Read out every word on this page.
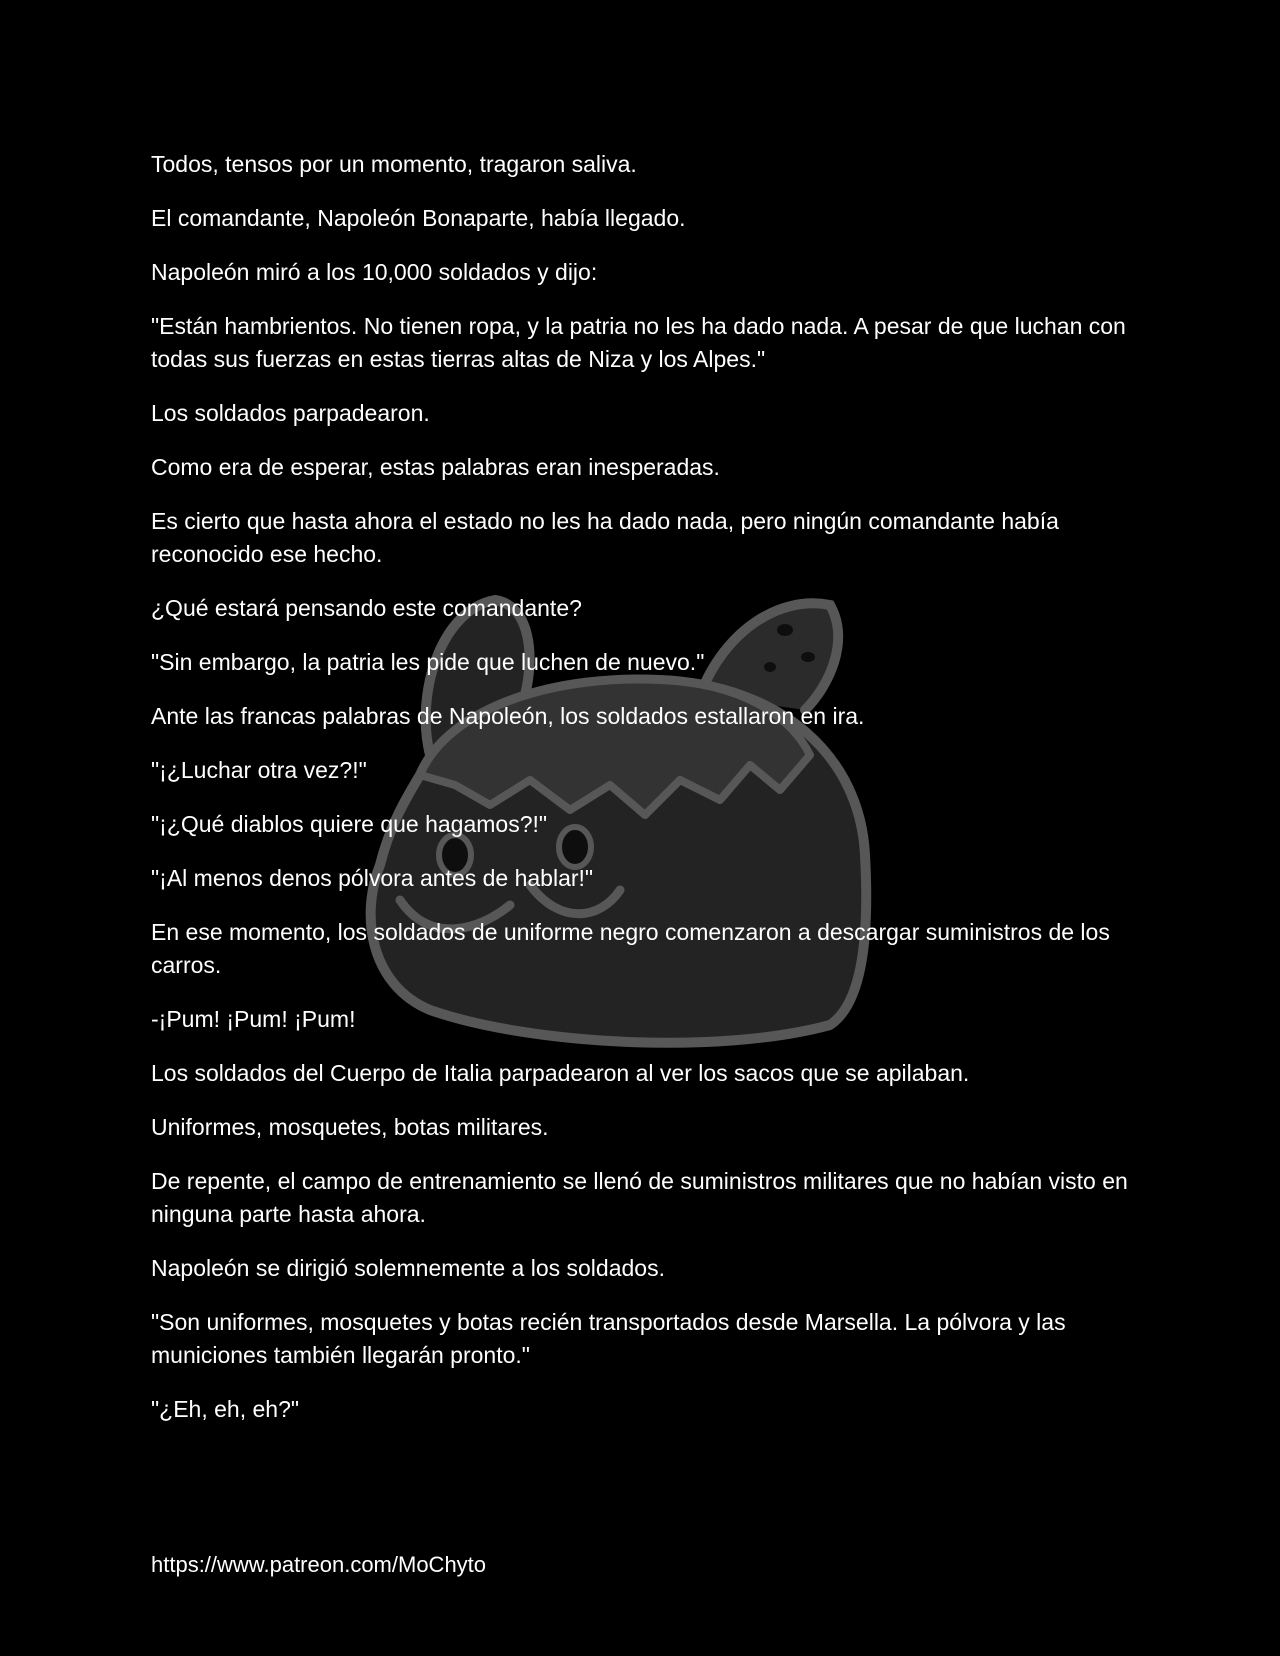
Todos, tensos por un momento, tragaron saliva.

El comandante, Napoleón Bonaparte, había llegado.

Napoleón miró a los 10,000 soldados y dijo:

"Están hambrientos. No tienen ropa, y la patria no les ha dado nada. A pesar de que luchan con todas sus fuerzas en estas tierras altas de Niza y los Alpes."

Los soldados parpadearon.

Como era de esperar, estas palabras eran inesperadas.

Es cierto que hasta ahora el estado no les ha dado nada, pero ningún comandante había reconocido ese hecho.

¿Qué estará pensando este comandante?

"Sin embargo, la patria les pide que luchen de nuevo."

Ante las francas palabras de Napoleón, los soldados estallaron en ira.

"¡¿Luchar otra vez?!"

"¡¿Qué diablos quiere que hagamos?!"

"¡Al menos denos pólvora antes de hablar!"

En ese momento, los soldados de uniforme negro comenzaron a descargar suministros de los carros.

-¡Pum! ¡Pum! ¡Pum!

Los soldados del Cuerpo de Italia parpadearon al ver los sacos que se apilaban.

Uniformes, mosquetes, botas militares.

De repente, el campo de entrenamiento se llenó de suministros militares que no habían visto en ninguna parte hasta ahora.

Napoleón se dirigió solemnemente a los soldados.

"Son uniformes, mosquetes y botas recién transportados desde Marsella. La pólvora y las municiones también llegarán pronto."

"¿Eh, eh, eh?"

https://www.patreon.com/MoChyto
